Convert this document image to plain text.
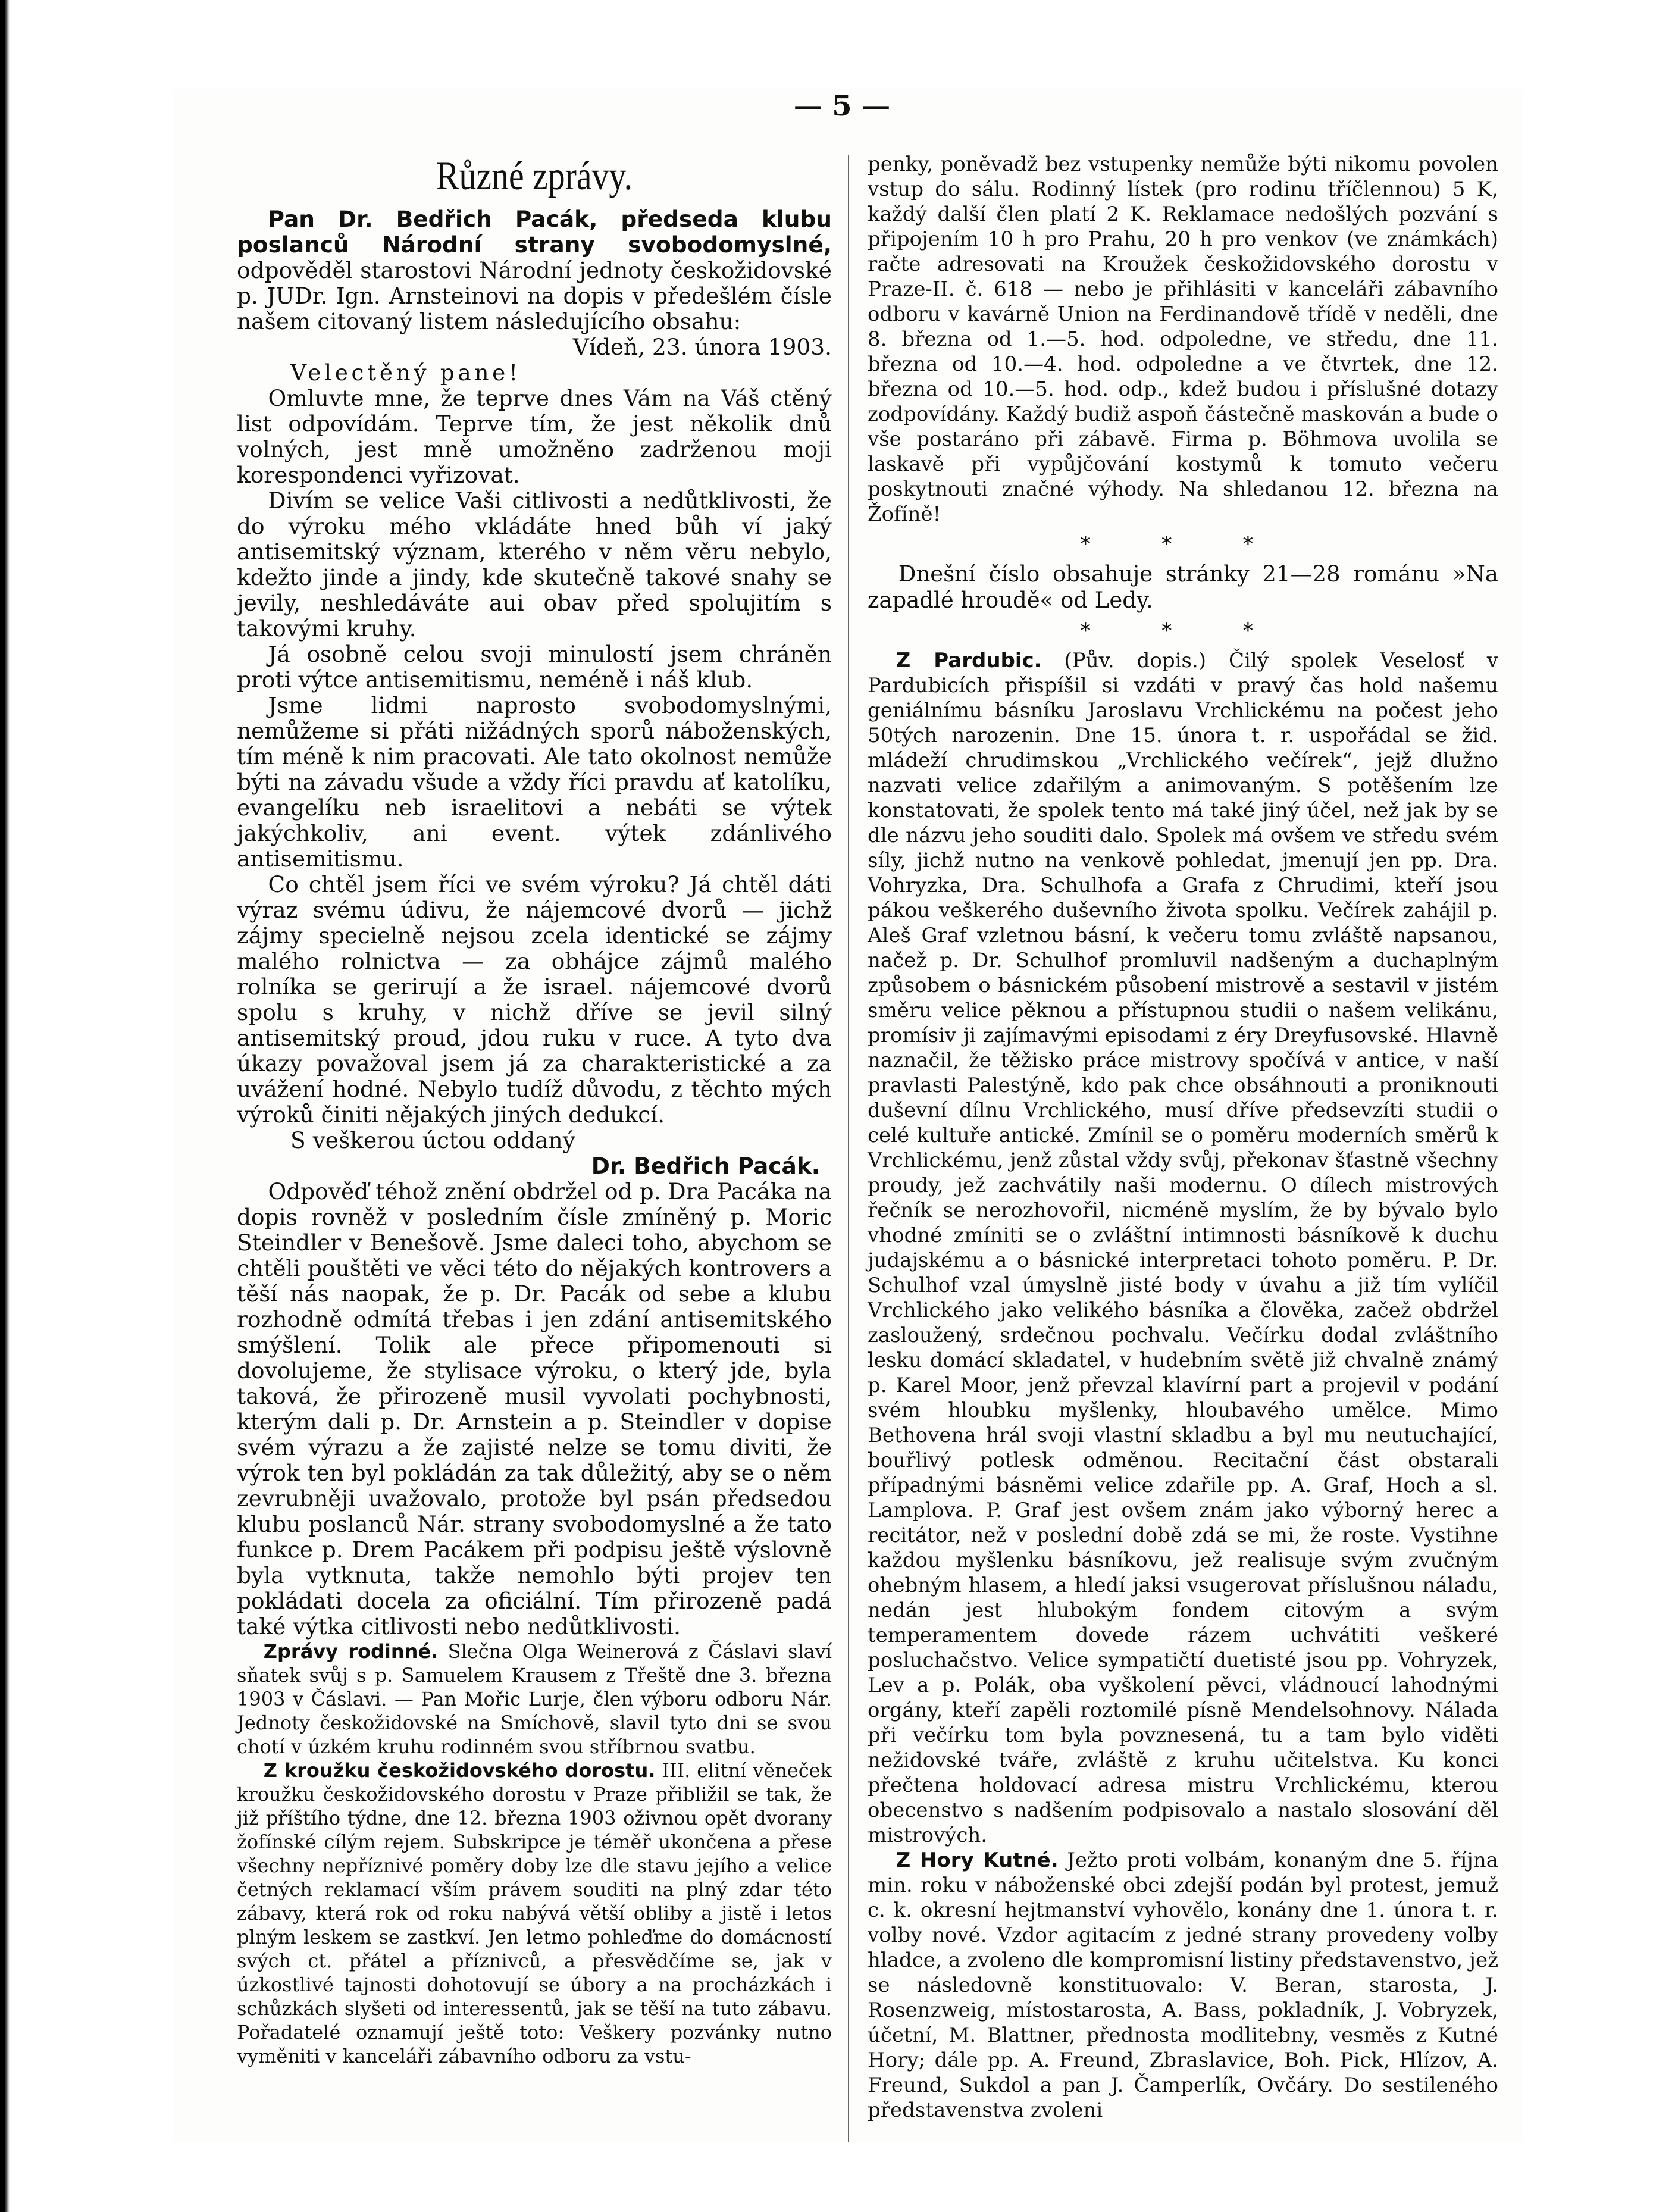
— 5 —
Různé zprávy.

Pan Dr. Bedřich Pacák, předseda klubu poslanců Národní strany svobodomyslné, odpověděl starostovi Národní jednoty českožidovské p. JUDr. Ign. Arnsteinovi na dopis v předešlém čísle našem citovaný listem následujícího obsahu:

Vídeň, 23. února 1903.

Velectěný pane!

Omluvte mne, že teprve dnes Vám na Váš ctěný list odpovídám. Teprve tím, že jest několik dnů volných, jest mně umožněno zadrženou moji korespondenci vyřizovat.

Divím se velice Vaši citlivosti a nedůtklivosti, že do výroku mého vkládáte hned bůh ví jaký antisemitský význam, kterého v něm věru nebylo, kdežto jinde a jindy, kde skutečně takové snahy se jevily, neshledáváte aui obav před spolujitím s takovými kruhy.

Já osobně celou svoji minulostí jsem chráněn proti výtce antisemitismu, neméně i náš klub.

Jsme lidmi naprosto svobodomyslnými, nemůžeme si přáti nižádných sporů náboženských, tím méně k nim pracovati. Ale tato okolnost nemůže býti na závadu všude a vždy říci pravdu ať katolíku, evangelíku neb israelitovi a nebáti se výtek jakýchkoliv, ani event. výtek zdánlivého antisemitismu.

Co chtěl jsem říci ve svém výroku? Já chtěl dáti výraz svému údivu, že nájemcové dvorů — jichž zájmy specielně nejsou zcela identické se zájmy malého rolnictva — za obhájce zájmů malého rolníka se gerirují a že israel. nájemcové dvorů spolu s kruhy, v nichž dříve se jevil silný antisemitský proud, jdou ruku v ruce. A tyto dva úkazy považoval jsem já za charakteristické a za uvážení hodné. Nebylo tudíž důvodu, z těchto mých výroků činiti nějakých jiných dedukcí.

S veškerou úctou oddaný

Dr. Bedřich Pacák.

Odpověď téhož znění obdržel od p. Dra Pacáka na dopis rovněž v posledním čísle zmíněný p. Moric Steindler v Benešově. Jsme daleci toho, abychom se chtěli pouštěti ve věci této do nějakých kontrovers a těší nás naopak, že p. Dr. Pacák od sebe a klubu rozhodně odmítá třebas i jen zdání antisemitského smýšlení. Tolik ale přece připomenouti si dovolujeme, že stylisace výroku, o který jde, byla taková, že přirozeně musil vyvolati pochybnosti, kterým dali p. Dr. Arnstein a p. Steindler v dopise svém výrazu a že zajisté nelze se tomu diviti, že výrok ten byl pokládán za tak důležitý, aby se o něm zevrubněji uvažovalo, protože byl psán předsedou klubu poslanců Nár. strany svobodomyslné a že tato funkce p. Drem Pacákem při podpisu ještě výslovně byla vytknuta, takže nemohlo býti projev ten pokládati docela za oficiální. Tím přirozeně padá také výtka citlivosti nebo nedůtklivosti.

Zprávy rodinné. Slečna Olga Weinerová z Čáslavi slaví sňatek svůj s p. Samuelem Krausem z Třeště dne 3. března 1903 v Čáslavi. — Pan Mořic Lurje, člen výboru odboru Nár. Jednoty českožidovské na Smíchově, slavil tyto dni se svou chotí v úzkém kruhu rodinném svou stříbrnou svatbu.

Z kroužku českožidovského dorostu. III. elitní věneček kroužku českožidovského dorostu v Praze přibližil se tak, že již příštího týdne, dne 12. března 1903 oživnou opět dvorany žofínské cílým rejem. Subskripce je téměř ukončena a přese všechny nepříznivé poměry doby lze dle stavu jejího a velice četných reklamací vším právem souditi na plný zdar této zábavy, která rok od roku nabývá větší obliby a jistě i letos plným leskem se zastkví. Jen letmo pohleďme do domácností svých ct. přátel a příznivců, a přesvědčíme se, jak v úzkostlivé tajnosti dohotovují se úbory a na procházkách i schůzkách slyšeti od interessentů, jak se těší na tuto zábavu. Pořadatelé oznamují ještě toto: Veškery pozvánky nutno vyměniti v kanceláři zábavního odboru za vstu-

penky, poněvadž bez vstupenky nemůže býti nikomu povolen vstup do sálu. Rodinný lístek (pro rodinu tříčlennou) 5 K, každý další člen platí 2 K. Reklamace nedošlých pozvání s připojením 10 h pro Prahu, 20 h pro venkov (ve známkách) račte adresovati na Kroužek českožidovského dorostu v Praze-II. č. 618 — nebo je přihlásiti v kanceláři zábavního odboru v kavárně Union na Ferdinandově třídě v neděli, dne 8. března od 1.—5. hod. odpoledne, ve středu, dne 11. března od 10.—4. hod. odpoledne a ve čtvrtek, dne 12. března od 10.—5. hod. odp., kdež budou i příslušné dotazy zodpovídány. Každý budiž aspoň částečně maskován a bude o vše postaráno při zábavě. Firma p. Böhmova uvolila se laskavě při vypůjčování kostymů k tomuto večeru poskytnouti značné výhody. Na shledanou 12. března na Žofíně!

* * *

Dnešní číslo obsahuje stránky 21—28 románu »Na zapadlé hroudě« od Ledy.

* * *

Z Pardubic. (Pův. dopis.) Čilý spolek Veselosť v Pardubicích přispíšil si vzdáti v pravý čas hold našemu geniálnímu básníku Jaroslavu Vrchlickému na počest jeho 50tých narozenin. Dne 15. února t. r. uspořádal se žid. mládeží chrudimskou „Vrchlického večírek“, jejž dlužno nazvati velice zdařilým a animovaným. S potěšením lze konstatovati, že spolek tento má také jiný účel, než jak by se dle názvu jeho souditi dalo. Spolek má ovšem ve středu svém síly, jichž nutno na venkově pohledat, jmenují jen pp. Dra. Vohryzka, Dra. Schulhofa a Grafa z Chrudimi, kteří jsou pákou veškerého duševního života spolku. Večírek zahájil p. Aleš Graf vzletnou básní, k večeru tomu zvláště napsanou, načež p. Dr. Schulhof promluvil nadšeným a duchaplným způsobem o básnickém působení mistrově a sestavil v jistém směru velice pěknou a přístupnou studii o našem velikánu, promísiv ji zajímavými episodami z éry Dreyfusovské. Hlavně naznačil, že těžisko práce mistrovy spočívá v antice, v naší pravlasti Palestýně, kdo pak chce obsáhnouti a proniknouti duševní dílnu Vrchlického, musí dříve předsevzíti studii o celé kultuře antické. Zmínil se o poměru moderních směrů k Vrchlickému, jenž zůstal vždy svůj, překonav šťastně všechny proudy, jež zachvátily naši modernu. O dílech mistrových řečník se nerozhovořil, nicméně myslím, že by bývalo bylo vhodné zmíniti se o zvláštní intimnosti básníkově k duchu judajskému a o básnické interpretaci tohoto poměru. P. Dr. Schulhof vzal úmyslně jisté body v úvahu a již tím vylíčil Vrchlického jako velikého básníka a člověka, začež obdržel zasloužený, srdečnou pochvalu. Večírku dodal zvláštního lesku domácí skladatel, v hudebním světě již chvalně známý p. Karel Moor, jenž převzal klavírní part a projevil v podání svém hloubku myšlenky, hloubavého umělce. Mimo Bethovena hrál svoji vlastní skladbu a byl mu neutuchající, bouřlivý potlesk odměnou. Recitační část obstarali případnými básněmi velice zdařile pp. A. Graf, Hoch a sl. Lamplova. P. Graf jest ovšem znám jako výborný herec a recitátor, než v poslední době zdá se mi, že roste. Vystihne každou myšlenku básníkovu, jež realisuje svým zvučným ohebným hlasem, a hledí jaksi vsugerovat příslušnou náladu, nedán jest hlubokým fondem citovým a svým temperamentem dovede rázem uchvátiti veškeré posluchačstvo. Velice sympatičtí duetisté jsou pp. Vohryzek, Lev a p. Polák, oba vyškolení pěvci, vládnoucí lahodnými orgány, kteří zapěli roztomilé písně Mendelsohnovy. Nálada při večírku tom byla povznesená, tu a tam bylo viděti nežidovské tváře, zvláště z kruhu učitelstva. Ku konci přečtena holdovací adresa mistru Vrchlickému, kterou obecenstvo s nadšením podpisovalo a nastalo slosování děl mistrových.

Z Hory Kutné. Ježto proti volbám, konaným dne 5. října min. roku v náboženské obci zdejší podán byl protest, jemuž c. k. okresní hejtmanství vyhovělo, konány dne 1. února t. r. volby nové. Vzdor agitacím z jedné strany provedeny volby hladce, a zvoleno dle kompromisní listiny představenstvo, jež se následovně konstituovalo: V. Beran, starosta, J. Rosenzweig, místostarosta, A. Bass, pokladník, J. Vobryzek, účetní, M. Blattner, přednosta modlitebny, vesměs z Kutné Hory; dále pp. A. Freund, Zbraslavice, Boh. Pick, Hlízov, A. Freund, Sukdol a pan J. Čamperlík, Ovčáry. Do sestileného představenstva zvoleni
